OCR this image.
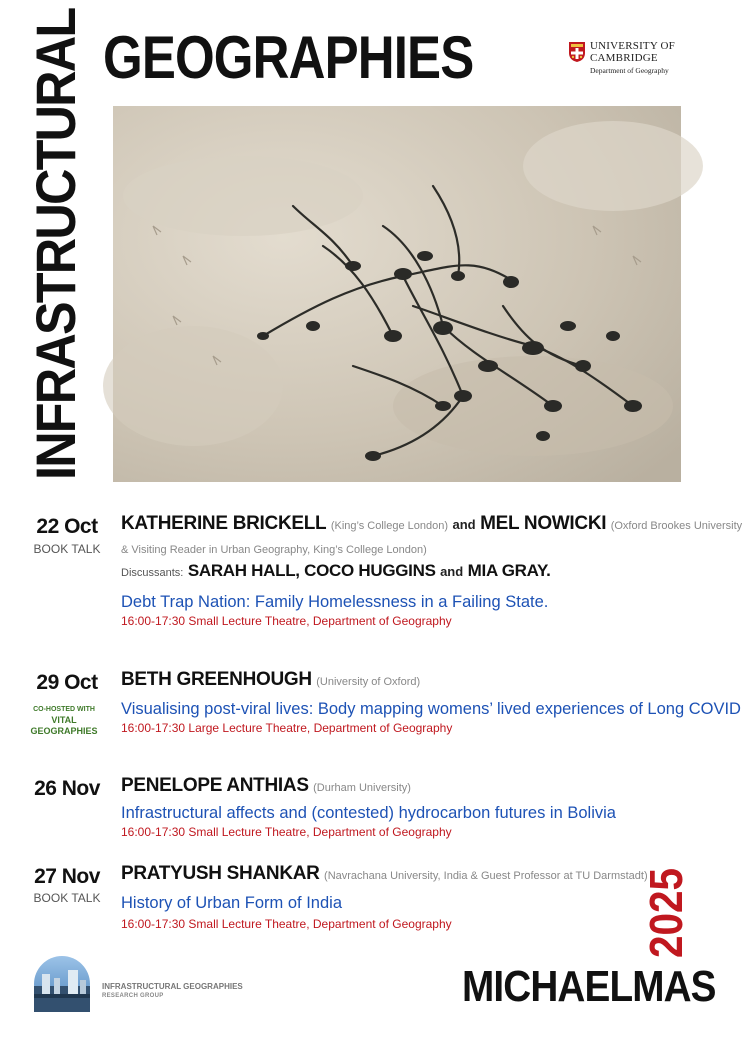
INFRASTRUCTURAL GEOGRAPHIES	UNIVERSITY OF
CAMBRIDGE
Department of Geography
22 Oct
BOOK TALK
KATHERINE BRICKELL (King’s College London) and MEL NOWICKI (Oxford Brookes University
& Visiting Reader in Urban Geography, King’s College London)
Discussants: SARAH HALL, COCO HUGGINS and MIA GRAY.
Debt Trap Nation: Family Homelessness in a Failing State.
16:00-17:30 Small Lecture Theatre, Department of Geography
29 Oct
CO-HOSTED WITH
VITAL
GEOGRAPHIES
BETH GREENHOUGH (University of Oxford)
Visualising post-viral lives: Body mapping womens’ lived experiences of Long COVID
16:00-17:30 Large Lecture Theatre, Department of Geography
26 Nov	PENELOPE ANTHIAS (Durham University)
Infrastructural affects and (contested) hydrocarbon futures in Bolivia
16:00-17:30 Small Lecture Theatre, Department of Geography
27 Nov
BOOK TALK
PRATYUSH SHANKAR (Navrachana University, India & Guest Professor at TU Darmstadt)
History of Urban Form of India
16:00-17:30 Small Lecture Theatre, Department of Geography
INFRASTRUCTURAL GEOGRAPHIES
RESEARCH GROUP	MICHAELMAS
2025
